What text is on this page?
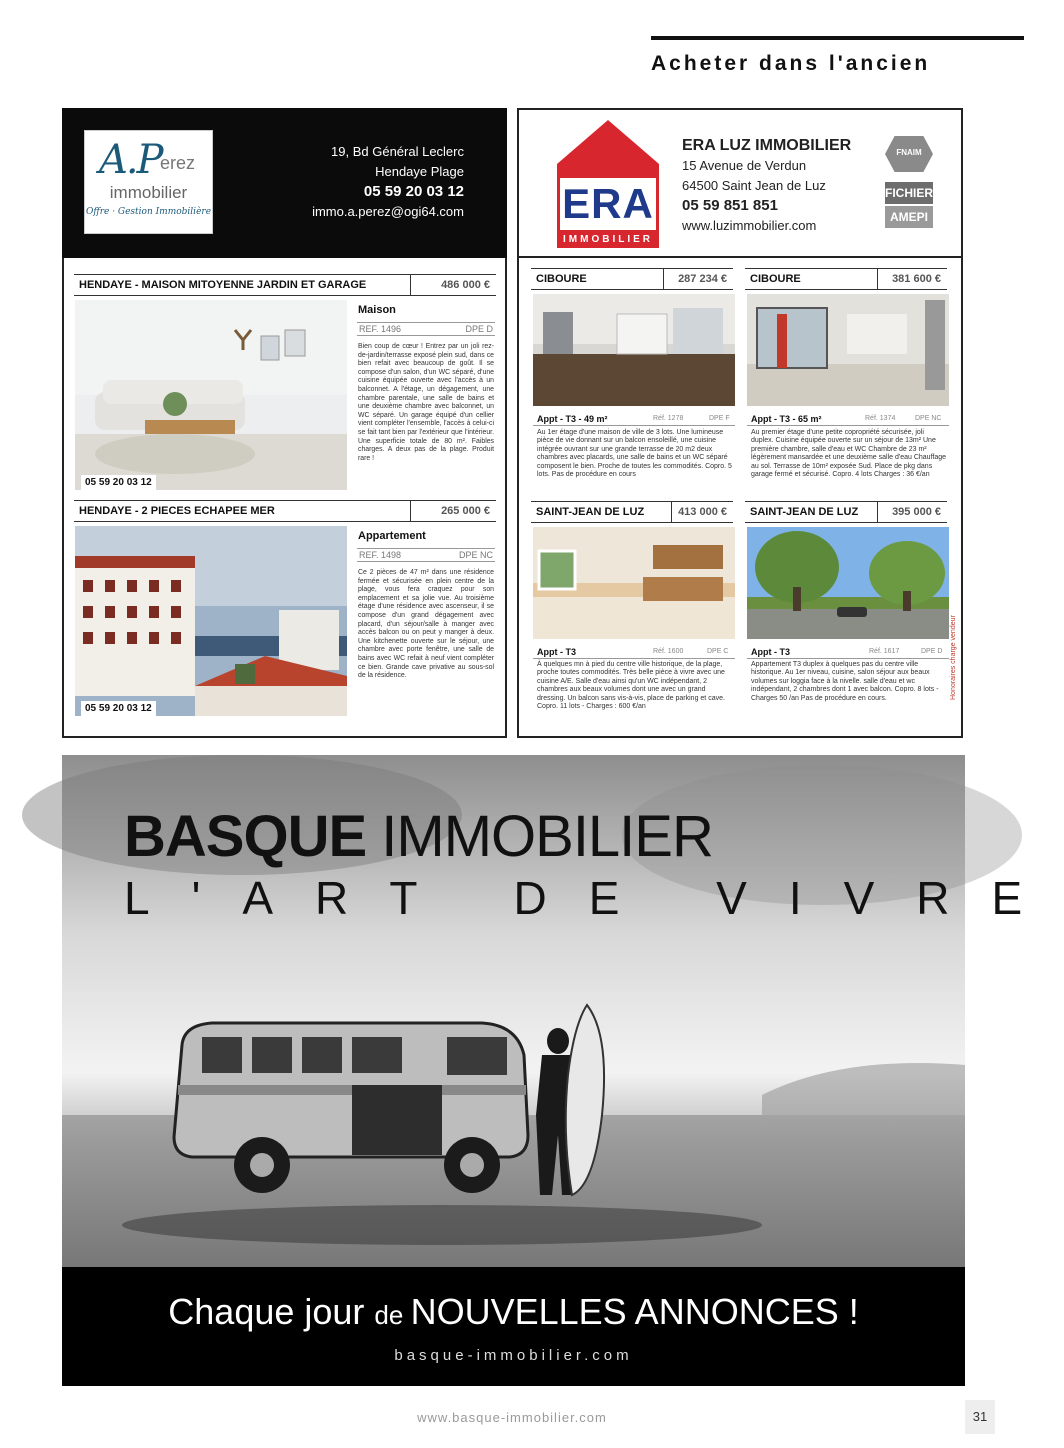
Acheter dans l'ancien
A.P
erez
immobilier
Offre · Gestion Immobilière
19, Bd Général Leclerc
Hendaye Plage
05 59 20 03 12
immo.a.perez@ogi64.com ERA
IMMOBILIER
ERA LUZ IMMOBILIER
15 Avenue de Verdun
64500 Saint Jean de Luz
05 59 851 851
www.luzimmobilier.com
FNAIM
FICHIER
AMEPI
HENDAYE - MAISON MITOYENNE JARDIN ET GARAGE	486 000 €
05 59 20 03 12
Maison
REF. 1496	DPE D
Bien coup de cœur ! Entrez par un joli rez-de-jardin/terrasse exposé plein sud, dans ce bien refait avec beaucoup de goût. Il se compose d'un salon, d'un WC séparé, d'une cuisine équipée ouverte avec l'accès à un balconnet. A l'étage, un dégagement, une chambre parentale, une salle de bains et une deuxième chambre avec balconnet, un WC séparé. Un garage équipé d'un cellier vient compléter l'ensemble, l'accès à celui-ci se fait tant bien par l'extérieur que l'intérieur. Une superficie totale de 80 m². Faibles charges. A deux pas de la plage. Produit rare !
HENDAYE - 2 PIECES ECHAPEE MER	265 000 €
05 59 20 03 12
Appartement
REF. 1498	DPE NC
Ce 2 pièces de 47 m² dans une résidence fermée et sécurisée en plein centre de la plage, vous fera craquez pour son emplacement et sa jolie vue. Au troisième étage d'une résidence avec ascenseur, il se compose d'un grand dégagement avec placard, d'un séjour/salle à manger avec accès balcon ou on peut y manger à deux. Une kitchenette ouverte sur le séjour, une chambre avec porte fenêtre, une salle de bains avec WC refait à neuf vient compléter ce bien. Grande cave privative au sous-sol de la résidence.
CIBOURE	287 234 €
Appt - T3 - 49 m²	Réf. 1278	DPE F
Au 1er étage d'une maison de ville de 3 lots. Une lumineuse pièce de vie donnant sur un balcon ensoleillé, une cuisine intégrée ouvrant sur une grande terrasse de 20 m2 deux chambres avec placards, une salle de bains et un WC séparé composent le bien. Proche de toutes les commodités. Copro. 5 lots. Pas de procédure en cours
CIBOURE	381 600 €
Appt - T3 - 65 m²	Réf. 1374	DPE NC
Au premier étage d'une petite copropriété sécurisée, joli duplex. Cuisine équipée ouverte sur un séjour de 13m² Une première chambre, salle d'eau et WC Chambre de 23 m² légèrement mansardée et une deuxième salle d'eau Chauffage au sol. Terrasse de 10m² exposée Sud. Place de pkg dans garage fermé et sécurisé. Copro. 4 lots Charges : 36 €/an
SAINT-JEAN DE LUZ	413 000 €
Appt - T3	Réf. 1600	DPE C
À quelques mn à pied du centre ville historique, de la plage, proche toutes commodités. Très belle pièce à vivre avec une cuisine A/E. Salle d'eau ainsi qu'un WC indépendant, 2 chambres aux beaux volumes dont une avec un grand dressing. Un balcon sans vis-à-vis, place de parking et cave. Copro. 11 lots - Charges : 600 €/an
SAINT-JEAN DE LUZ	395 000 €
Appt - T3	Réf. 1617	DPE D
Appartement T3 duplex à quelques pas du centre ville historique. Au 1er niveau, cuisine, salon séjour aux beaux volumes sur loggia face à la nivelle. salle d'eau et wc indépendant, 2 chambres dont 1 avec balcon. Copro. 8 lots - Charges 50 /an Pas de procédure en cours.	Honoraires charge vendeur
BASQUE IMMOBILIER
L'ART DE VIVRE
Chaque jour de NOUVELLES ANNONCES !
basque-immobilier.com
www.basque-immobilier.com	31
